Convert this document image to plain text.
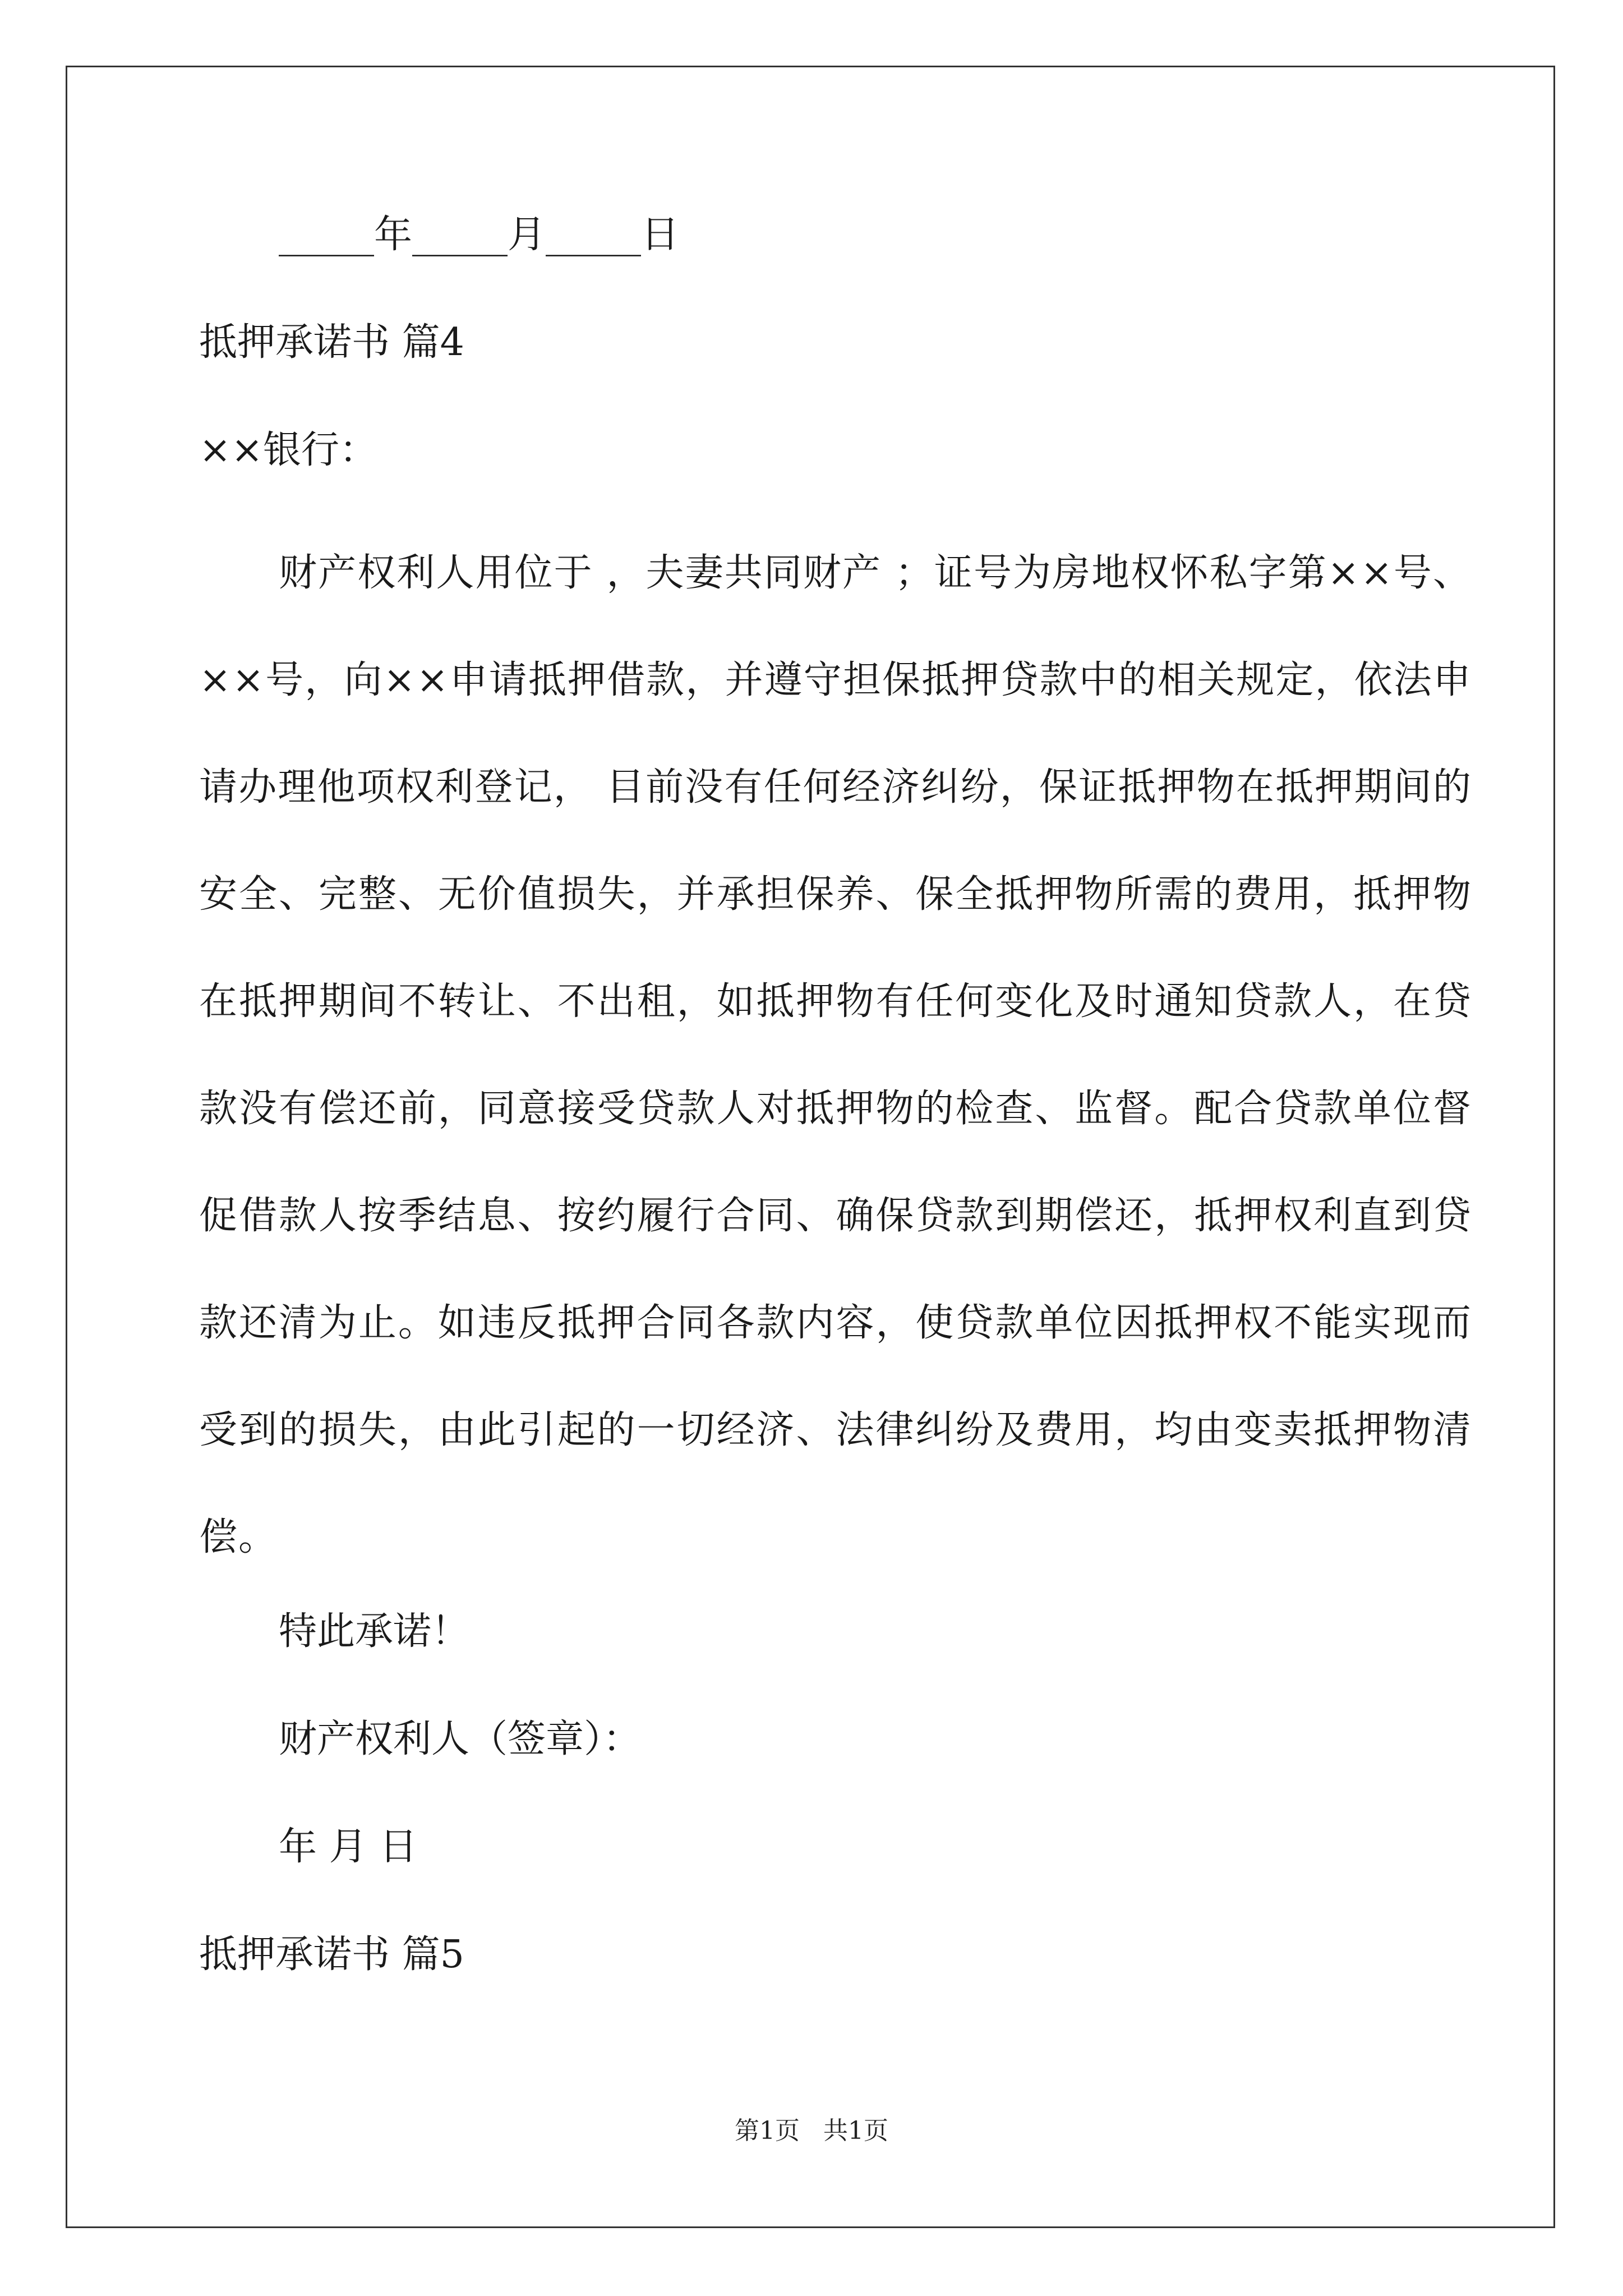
_____年_____月_____日
抵押承诺书 篇4
××银行：
财产权利人用位于 ，夫妻共同财产 ；证号为房地权怀私字第××号、××号，向××申请抵押借款，并遵守担保抵押贷款中的相关规定，依法申请办理他项权利登记， 目前没有任何经济纠纷，保证抵押物在抵押期间的安全、完整、无价值损失，并承担保养、保全抵押物所需的费用，抵押物在抵押期间不转让、不出租，如抵押物有任何变化及时通知贷款人，在贷款没有偿还前，同意接受贷款人对抵押物的检查、监督。配合贷款单位督促借款人按季结息、按约履行合同、确保贷款到期偿还，抵押权利直到贷款还清为止。如违反抵押合同各款内容，使贷款单位因抵押权不能实现而受到的损失，由此引起的一切经济、法律纠纷及费用，均由变卖抵押物清偿。
特此承诺！
财产权利人（签章）：
年 月 日
抵押承诺书 篇5
第1页   共1页
